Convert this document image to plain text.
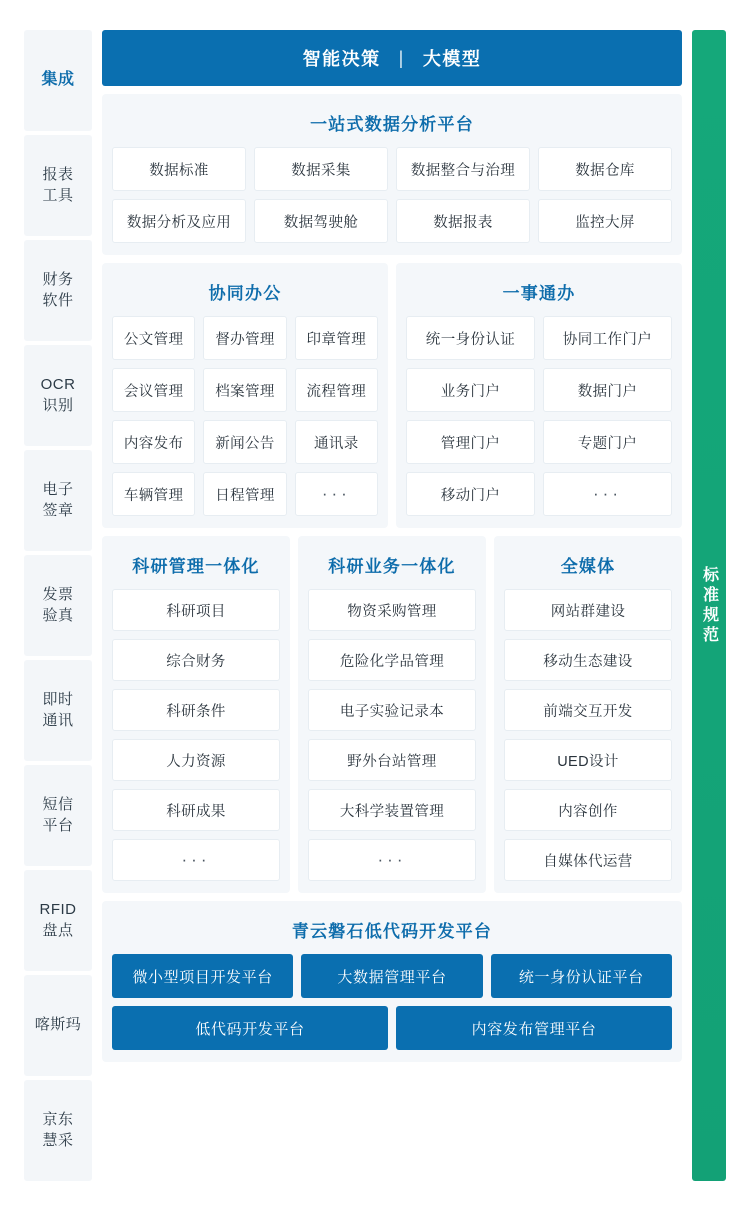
集成
报表
工具
财务
软件
OCR
识别
电子
签章
发票
验真
即时
通讯
短信
平台
RFID
盘点
喀斯玛
京东
慧采
智能决策 | 大模型
一站式数据分析平台
数据标准	数据采集	数据整合与治理	数据仓库
数据分析及应用	数据驾驶舱	数据报表	监控大屏
协同办公
公文管理	督办管理	印章管理
会议管理	档案管理	流程管理
内容发布	新闻公告	通讯录
车辆管理	日程管理	···
一事通办
统一身份认证	协同工作门户
业务门户	数据门户
管理门户	专题门户
移动门户	···
科研管理一体化
科研项目
综合财务
科研条件
人力资源
科研成果
···
科研业务一体化
物资采购管理
危险化学品管理
电子实验记录本
野外台站管理
大科学装置管理
···
全媒体
网站群建设
移动生态建设
前端交互开发
UED设计
内容创作
自媒体代运营
青云磐石低代码开发平台
微小型项目开发平台	大数据管理平台	统一身份认证平台
低代码开发平台	内容发布管理平台
标准规范
